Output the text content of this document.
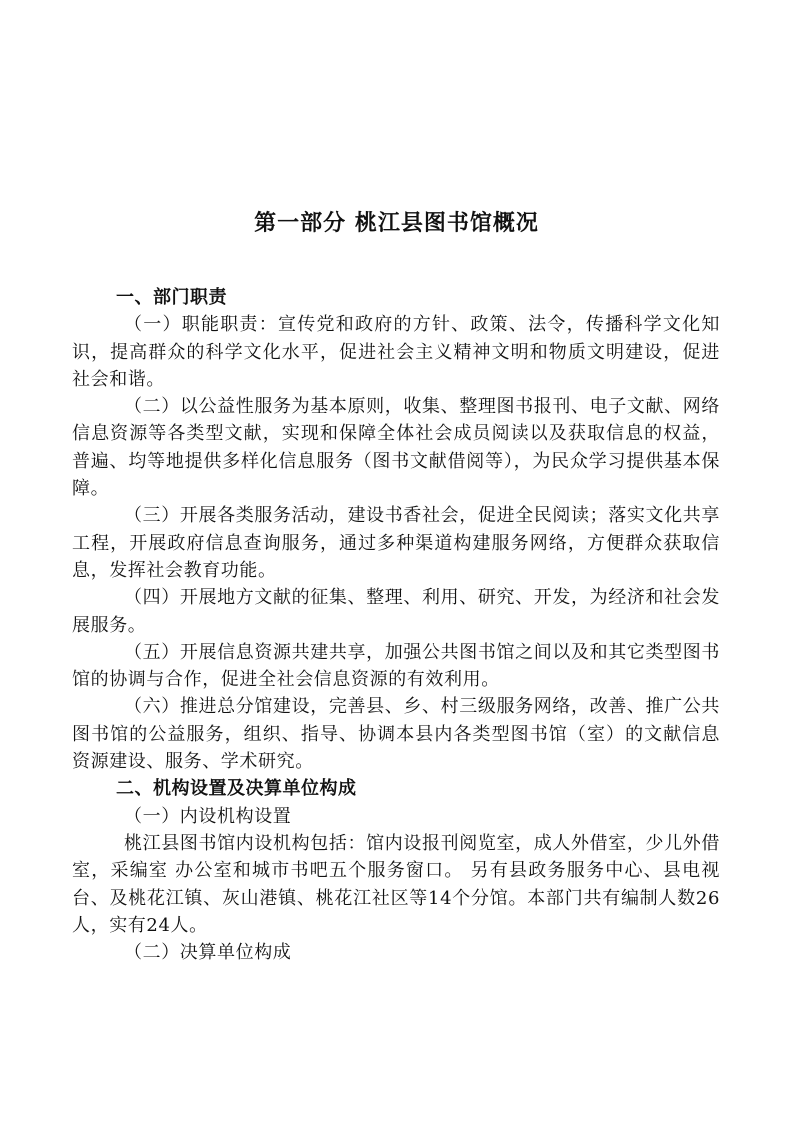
第一部分 桃江县图书馆概况

一、部门职责

（一）职能职责：宣传党和政府的方针、政策、法令，传播科学文化知识，提高群众的科学文化水平，促进社会主义精神文明和物质文明建设，促进社会和谐。

（二）以公益性服务为基本原则，收集、整理图书报刊、电子文献、网络信息资源等各类型文献，实现和保障全体社会成员阅读以及获取信息的权益，普遍、均等地提供多样化信息服务（图书文献借阅等），为民众学习提供基本保障。

（三）开展各类服务活动，建设书香社会，促进全民阅读；落实文化共享工程，开展政府信息查询服务，通过多种渠道构建服务网络，方便群众获取信息，发挥社会教育功能。

（四）开展地方文献的征集、整理、利用、研究、开发，为经济和社会发展服务。

（五）开展信息资源共建共享，加强公共图书馆之间以及和其它类型图书馆的协调与合作，促进全社会信息资源的有效利用。

（六）推进总分馆建设，完善县、乡、村三级服务网络，改善、推广公共图书馆的公益服务，组织、指导、协调本县内各类型图书馆（室）的文献信息资源建设、服务、学术研究。

二、机构设置及决算单位构成

（一）内设机构设置

桃江县图书馆内设机构包括：馆内设报刊阅览室，成人外借室，少儿外借室，采编室 办公室和城市书吧五个服务窗口。 另有县政务服务中心、县电视台、及桃花江镇、灰山港镇、桃花江社区等14个分馆。本部门共有编制人数26人，实有24人。

（二）决算单位构成
